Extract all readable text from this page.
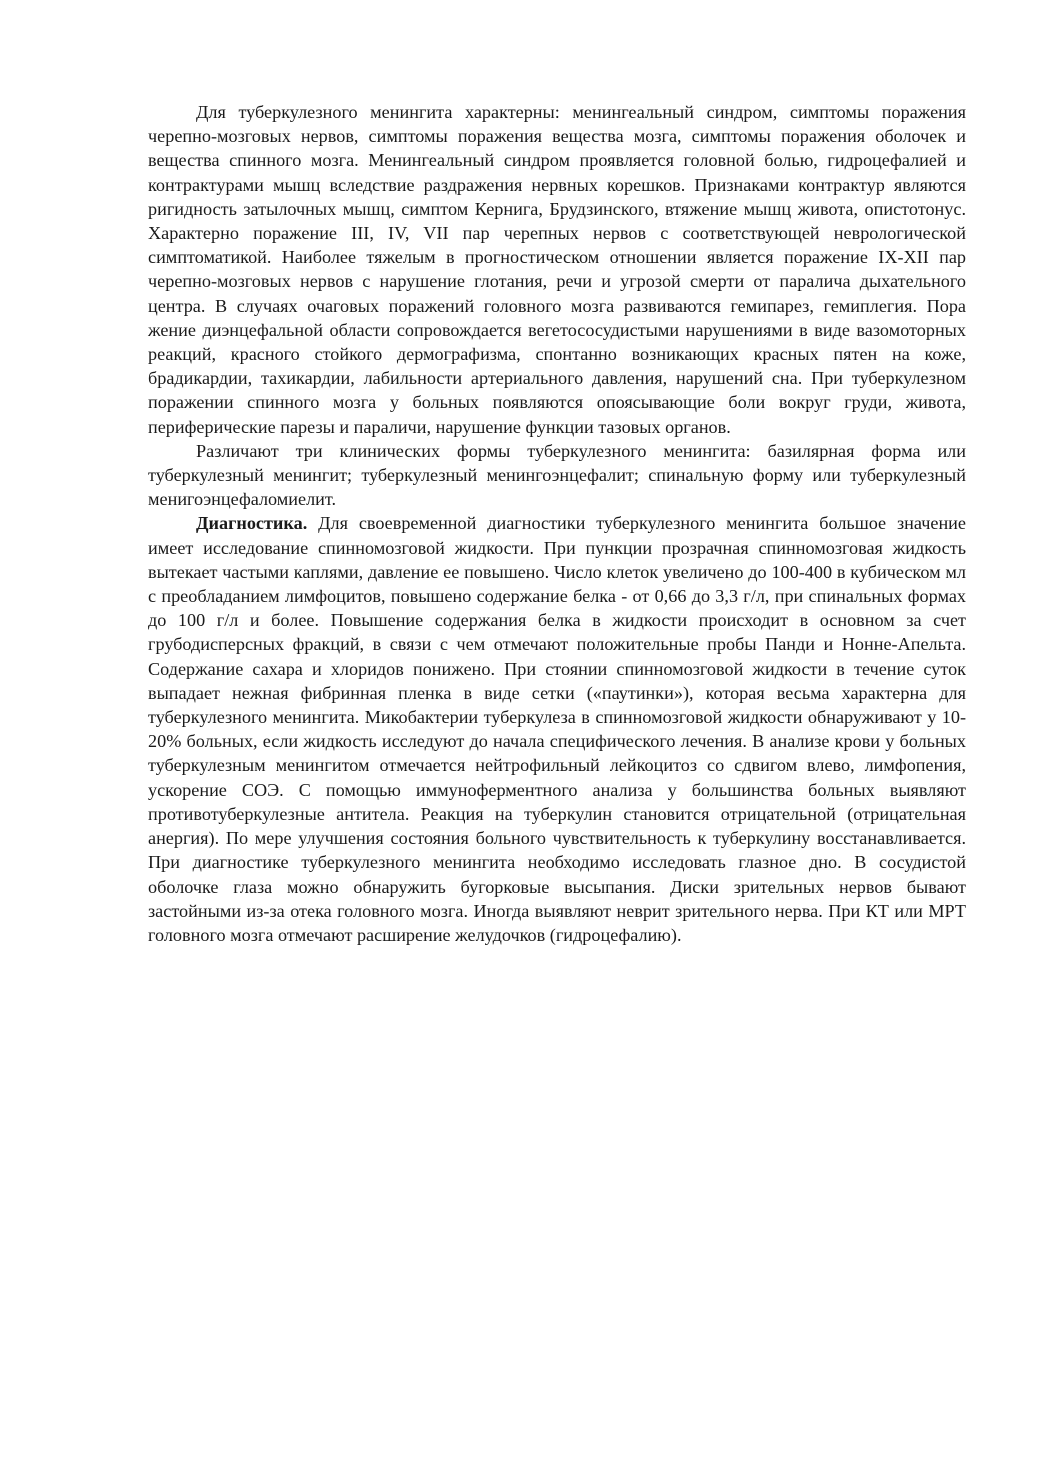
Для туберкулезного менингита характерны: менингеальный синдром, симптомы поражения черепно-мозговых нервов, симптомы поражения вещества мозга, симптомы поражения оболочек и вещества спинного мозга. Менингеальный синдром проявляется головной болью, гидроцефалией и контрактурами мышц вследствие раздражения нервных корешков. Признаками контрактур являются ригидность затылочных мышц, симптом Кернига, Брудзинского, втяжение мышц живота, опистотонус. Характерно поражение III, IV, VII пар черепных нервов с соответствующей неврологической симптоматикой. Наиболее тяжелым в прогностическом отношении является поражение IX-XII пар черепно-мозговых нервов с нарушение глотания, речи и угрозой смерти от паралича дыхательного центра. В случаях очаговых поражений головного мозга развиваются гемипарез, гемиплегия. Пора жение диэнцефальной области сопровождается вегетососудистыми нарушениями в виде вазомоторных реакций, красного стойкого дермографизма, спонтанно возникающих красных пятен на коже, брадикардии, тахикардии, лабильности артериального давления, нарушений сна. При туберкулезном поражении спинного мозга у больных появляются опоясывающие боли вокруг груди, живота, периферические парезы и параличи, нарушение функции тазовых органов.

Различают три клинических формы туберкулезного менингита: базилярная форма или туберкулезный менингит; туберкулезный менингоэнцефалит; спинальную форму или туберкулезный менигоэнцефаломиелит.

Диагностика. Для своевременной диагностики туберкулезного менингита большое значение имеет исследование спинномозговой жидкости. При пункции прозрачная спинномозговая жидкость вытекает частыми каплями, давление ее повышено. Число клеток увеличено до 100-400 в кубическом мл с преобладанием лимфоцитов, повышено содержание белка - от 0,66 до 3,3 г/л, при спинальных формах до 100 г/л и более. Повышение содержания белка в жидкости происходит в основном за счет грубодисперсных фракций, в связи с чем отмечают положительные пробы Панди и Нонне-Апельта. Содержание сахара и хлоридов понижено. При стоянии спинномозговой жидкости в течение суток выпадает нежная фибринная пленка в виде сетки («паутинки»), которая весьма характерна для туберкулезного менингита. Микобактерии туберкулеза в спинномозговой жидкости обнаруживают у 10-20% больных, если жидкость исследуют до начала специфического лечения. В анализе крови у больных туберкулезным менингитом отмечается нейтрофильный лейкоцитоз со сдвигом влево, лимфопения, ускорение СОЭ. С помощью иммуноферментного анализа у большинства больных выявляют противотуберкулезные антитела. Реакция на туберкулин становится отрицательной (отрицательная анергия). По мере улучшения состояния больного чувствительность к туберкулину восстанавливается. При диагностике туберкулезного менингита необходимо исследовать глазное дно. В сосудистой оболочке глаза можно обнаружить бугорковые высыпания. Диски зрительных нервов бывают застойными из-за отека головного мозга. Иногда выявляют неврит зрительного нерва. При КТ или МРТ головного мозга отмечают расширение желудочков (гидроцефалию).
